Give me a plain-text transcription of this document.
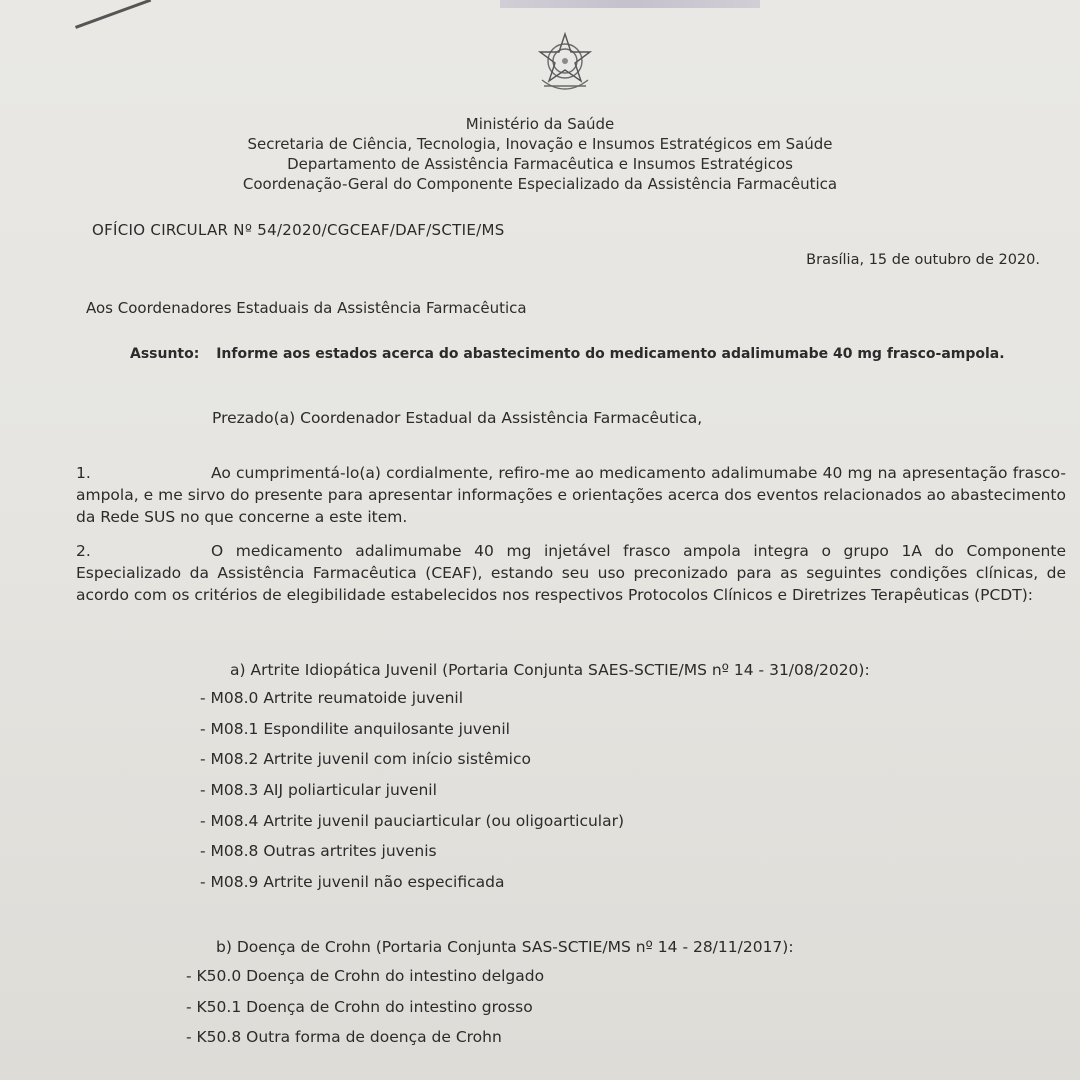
Ministério da Saúde
Secretaria de Ciência, Tecnologia, Inovação e Insumos Estratégicos em Saúde
Departamento de Assistência Farmacêutica e Insumos Estratégicos
Coordenação-Geral do Componente Especializado da Assistência Farmacêutica
OFÍCIO CIRCULAR Nº 54/2020/CGCEAF/DAF/SCTIE/MS
Brasília, 15 de outubro de 2020.
Aos Coordenadores Estaduais da Assistência Farmacêutica
Assunto: Informe aos estados acerca do abastecimento do medicamento adalimumabe 40 mg frasco-ampola.
Prezado(a) Coordenador Estadual da Assistência Farmacêutica,
1.	Ao cumprimentá-lo(a) cordialmente, refiro-me ao medicamento adalimumabe 40 mg na apresentação frasco-ampola, e me sirvo do presente para apresentar informações e orientações acerca dos eventos relacionados ao abastecimento da Rede SUS no que concerne a este item.
2.	O medicamento adalimumabe 40 mg injetável frasco ampola integra o grupo 1A do Componente Especializado da Assistência Farmacêutica (CEAF), estando seu uso preconizado para as seguintes condições clínicas, de acordo com os critérios de elegibilidade estabelecidos nos respectivos Protocolos Clínicos e Diretrizes Terapêuticas (PCDT):
a) Artrite Idiopática Juvenil (Portaria Conjunta SAES-SCTIE/MS nº 14 - 31/08/2020):
- M08.0 Artrite reumatoide juvenil
- M08.1 Espondilite anquilosante juvenil
- M08.2 Artrite juvenil com início sistêmico
- M08.3 AIJ poliarticular juvenil
- M08.4 Artrite juvenil pauciarticular (ou oligoarticular)
- M08.8 Outras artrites juvenis
- M08.9 Artrite juvenil não especificada
b) Doença de Crohn (Portaria Conjunta SAS-SCTIE/MS nº 14 - 28/11/2017):
- K50.0 Doença de Crohn do intestino delgado
- K50.1 Doença de Crohn do intestino grosso
- K50.8 Outra forma de doença de Crohn
